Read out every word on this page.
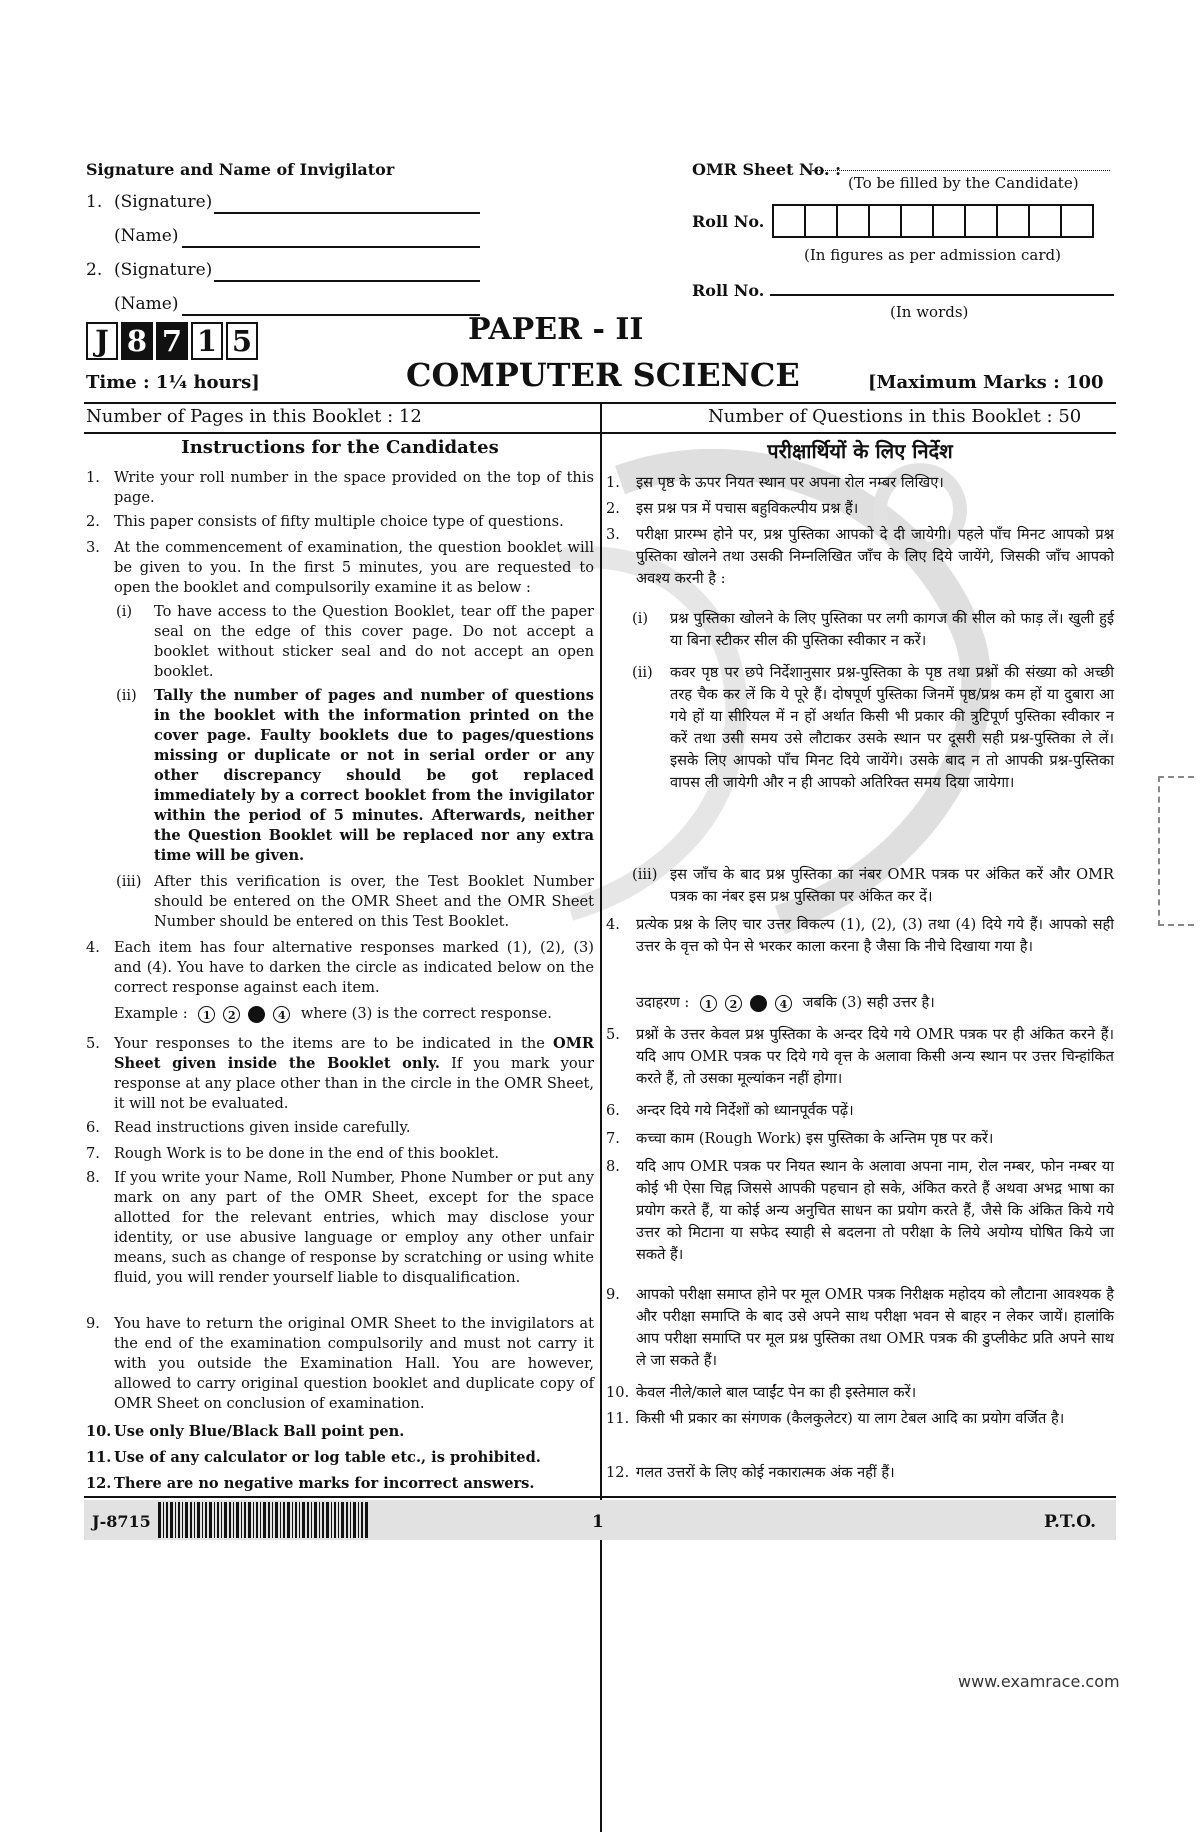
Signature and Name of Invigilator
1. (Signature)
(Name)
2. (Signature)
(Name)
J 8 7 1 5
OMR Sheet No. :
(To be filled by the Candidate)
Roll No.
(In figures as per admission card)
Roll No.
(In words)
PAPER - II
COMPUTER SCIENCE
Time : 1¼ hours]	[Maximum Marks : 100
Number of Pages in this Booklet : 12	Number of Questions in this Booklet : 50
Instructions for the Candidates
1. Write your roll number in the space provided on the top of this page.
2. This paper consists of fifty multiple choice type of questions.
3. At the commencement of examination, the question booklet will be given to you. In the first 5 minutes, you are requested to open the booklet and compulsorily examine it as below :
(i)	To have access to the Question Booklet, tear off the paper seal on the edge of this cover page. Do not accept a booklet without sticker seal and do not accept an open booklet.
(ii)	Tally the number of pages and number of questions in the booklet with the information printed on the cover page. Faulty booklets due to pages/questions missing or duplicate or not in serial order or any other discrepancy should be got replaced immediately by a correct booklet from the invigilator within the period of 5 minutes. Afterwards, neither the Question Booklet will be replaced nor any extra time will be given.
(iii) After this verification is over, the Test Booklet Number should be entered on the OMR Sheet and the OMR Sheet Number should be entered on this Test Booklet.
4. Each item has four alternative responses marked (1), (2), (3) and (4). You have to darken the circle as indicated below on the correct response against each item.
Example :	1	2	4	where (3) is the correct response.
5. Your responses to the items are to be indicated in the OMR Sheet given inside the Booklet only. If you mark your response at any place other than in the circle in the OMR Sheet, it will not be evaluated.
6. Read instructions given inside carefully.
7. Rough Work is to be done in the end of this booklet.
8. If you write your Name, Roll Number, Phone Number or put any mark on any part of the OMR Sheet, except for the space allotted for the relevant entries, which may disclose your identity, or use abusive language or employ any other unfair means, such as change of response by scratching or using white fluid, you will render yourself liable to disqualification.
9. You have to return the original OMR Sheet to the invigilators at the end of the examination compulsorily and must not carry it with you outside the Examination Hall. You are however, allowed to carry original question booklet and duplicate copy of OMR Sheet on conclusion of examination.
10. Use only Blue/Black Ball point pen.
11. Use of any calculator or log table etc., is prohibited.
12. There are no negative marks for incorrect answers.
परीक्षार्थियों के लिए निर्देश
1.	इस पृष्ठ के ऊपर नियत स्थान पर अपना रोल नम्बर लिखिए।
2.	इस प्रश्न पत्र में पचास बहुविकल्पीय प्रश्न हैं।
3.	परीक्षा प्रारम्भ होने पर, प्रश्न पुस्तिका आपको दे दी जायेगी। पहले पाँच मिनट आपको प्रश्न पुस्तिका खोलने तथा उसकी निम्नलिखित जाँच के लिए दिये जायेंगे, जिसकी जाँच आपको अवश्य करनी है :
(i) प्रश्न पुस्तिका खोलने के लिए पुस्तिका पर लगी कागज की सील को फाड़ लें। खुली हुई या बिना स्टीकर सील की पुस्तिका स्वीकार न करें।
(ii) कवर पृष्ठ पर छपे निर्देशानुसार प्रश्न-पुस्तिका के पृष्ठ तथा प्रश्नों की संख्या को अच्छी तरह चैक कर लें कि ये पूरे हैं। दोषपूर्ण पुस्तिका जिनमें पृष्ठ/प्रश्न कम हों या दुबारा आ गये हों या सीरियल में न हों अर्थात किसी भी प्रकार की त्रुटिपूर्ण पुस्तिका स्वीकार न करें तथा उसी समय उसे लौटाकर उसके स्थान पर दूसरी सही प्रश्न-पुस्तिका ले लें। इसके लिए आपको पाँच मिनट दिये जायेंगे। उसके बाद न तो आपकी प्रश्न-पुस्तिका वापस ली जायेगी और न ही आपको अतिरिक्त समय दिया जायेगा।
(iii) इस जाँच के बाद प्रश्न पुस्तिका का नंबर OMR पत्रक पर अंकित करें और OMR पत्रक का नंबर इस प्रश्न पुस्तिका पर अंकित कर दें।
4.	प्रत्येक प्रश्न के लिए चार उत्तर विकल्प (1), (2), (3) तथा (4) दिये गये हैं। आपको सही उत्तर के वृत्त को पेन से भरकर काला करना है जैसा कि नीचे दिखाया गया है।
उदाहरण :	1	2	4	जबकि (3) सही उत्तर है।
5.	प्रश्नों के उत्तर केवल प्रश्न पुस्तिका के अन्दर दिये गये OMR पत्रक पर ही अंकित करने हैं। यदि आप OMR पत्रक पर दिये गये वृत्त के अलावा किसी अन्य स्थान पर उत्तर चिन्हांकित करते हैं, तो उसका मूल्यांकन नहीं होगा।
6.	अन्दर दिये गये निर्देशों को ध्यानपूर्वक पढ़ें।
7.	कच्चा काम (Rough Work) इस पुस्तिका के अन्तिम पृष्ठ पर करें।
8.	यदि आप OMR पत्रक पर नियत स्थान के अलावा अपना नाम, रोल नम्बर, फोन नम्बर या कोई भी ऐसा चिह्न जिससे आपकी पहचान हो सके, अंकित करते हैं अथवा अभद्र भाषा का प्रयोग करते हैं, या कोई अन्य अनुचित साधन का प्रयोग करते हैं, जैसे कि अंकित किये गये उत्तर को मिटाना या सफेद स्याही से बदलना तो परीक्षा के लिये अयोग्य घोषित किये जा सकते हैं।
9.	आपको परीक्षा समाप्त होने पर मूल OMR पत्रक निरीक्षक महोदय को लौटाना आवश्यक है और परीक्षा समाप्ति के बाद उसे अपने साथ परीक्षा भवन से बाहर न लेकर जायें। हालांकि आप परीक्षा समाप्ति पर मूल प्रश्न पुस्तिका तथा OMR पत्रक की डुप्लीकेट प्रति अपने साथ ले जा सकते हैं।
10. केवल नीले/काले बाल प्वाईंट पेन का ही इस्तेमाल करें।
11. किसी भी प्रकार का संगणक (कैलकुलेटर) या लाग टेबल आदि का प्रयोग वर्जित है।
12. गलत उत्तरों के लिए कोई नकारात्मक अंक नहीं हैं।
J-8715	1	P.T.O.
www.examrace.com
